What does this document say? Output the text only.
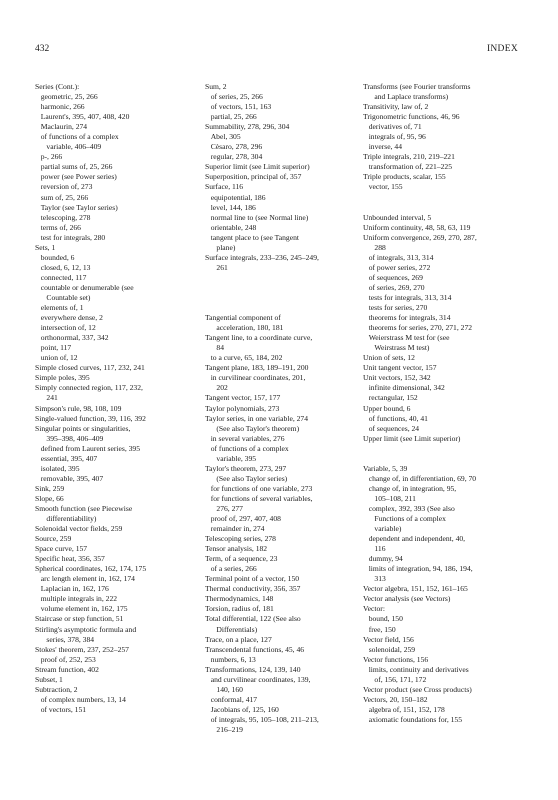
432	INDEX
Series (Cont.):
geometric, 25, 266
harmonic, 266
Laurent's, 395, 407, 408, 420
Maclaurin, 274
of functions of a complex
variable, 406–409
p-, 266
partial sums of, 25, 266
power (see Power series)
reversion of, 273
sum of, 25, 266
Taylor (see Taylor series)
telescoping, 278
terms of, 266
test for integrals, 280
Sets, 1
bounded, 6
closed, 6, 12, 13
connected, 117
countable or denumerable (see
Countable set)
elements of, 1
everywhere dense, 2
intersection of, 12
orthonormal, 337, 342
point, 117
union of, 12
Simple closed curves, 117, 232, 241
Simple poles, 395
Simply connected region, 117, 232,
241
Simpson's rule, 98, 108, 109
Single-valued function, 39, 116, 392
Singular points or singularities,
395–398, 406–409
defined from Laurent series, 395
essential, 395, 407
isolated, 395
removable, 395, 407
Sink, 259
Slope, 66
Smooth function (see Piecewise
differentiability)
Solenoidal vector fields, 259
Source, 259
Space curve, 157
Specific heat, 356, 357
Spherical coordinates, 162, 174, 175
arc length element in, 162, 174
Laplacian in, 162, 176
multiple integrals in, 222
volume element in, 162, 175
Staircase or step function, 51
Stirling's asymptotic formula and
series, 378, 384
Stokes' theorem, 237, 252–257
proof of, 252, 253
Stream function, 402
Subset, 1
Subtraction, 2
of complex numbers, 13, 14
of vectors, 151
Sum, 2
of series, 25, 266
of vectors, 151, 163
partial, 25, 266
Summability, 278, 296, 304
Abel, 305
Cèsaro, 278, 296
regular, 278, 304
Superior limit (see Limit superior)
Superposition, principal of, 357
Surface, 116
equipotential, 186
level, 144, 186
normal line to (see Normal line)
orientable, 248
tangent place to (see Tangent
plane)
Surface integrals, 233–236, 245–249,
261
Tangential component of
acceleration, 180, 181
Tangent line, to a coordinate curve,
84
to a curve, 65, 184, 202
Tangent plane, 183, 189–191, 200
in curvilinear coordinates, 201,
202
Tangent vector, 157, 177
Taylor polynomials, 273
Taylor series, in one variable, 274
(See also Taylor's theorem)
in several variables, 276
of functions of a complex
variable, 395
Taylor's theorem, 273, 297
(See also Taylor series)
for functions of one variable, 273
for functions of several variables,
276, 277
proof of, 297, 407, 408
remainder in, 274
Telescoping series, 278
Tensor analysis, 182
Term, of a sequence, 23
of a series, 266
Terminal point of a vector, 150
Thermal conductivity, 356, 357
Thermodynamics, 148
Torsion, radius of, 181
Total differential, 122 (See also
Differentials)
Trace, on a place, 127
Transcendental functions, 45, 46
numbers, 6, 13
Transformations, 124, 139, 140
and curvilinear coordinates, 139,
140, 160
conformal, 417
Jacobians of, 125, 160
of integrals, 95, 105–108, 211–213,
216–219
Transforms (see Fourier transforms
and Laplace transforms)
Transitivity, law of, 2
Trigonometric functions, 46, 96
derivatives of, 71
integrals of, 95, 96
inverse, 44
Triple integrals, 210, 219–221
transformation of, 221–225
Triple products, scalar, 155
vector, 155
Unbounded interval, 5
Uniform continuity, 48, 58, 63, 119
Uniform convergence, 269, 270, 287,
288
of integrals, 313, 314
of power series, 272
of sequences, 269
of series, 269, 270
tests for integrals, 313, 314
tests for series, 270
theorems for integrals, 314
theorems for series, 270, 271, 272
Weierstrass M test for (see
Weirstrass M test)
Union of sets, 12
Unit tangent vector, 157
Unit vectors, 152, 342
infinite dimensional, 342
rectangular, 152
Upper bound, 6
of functions, 40, 41
of sequences, 24
Upper limit (see Limit superior)
Variable, 5, 39
change of, in differentiation, 69, 70
change of, in integration, 95,
105–108, 211
complex, 392, 393 (See also
Functions of a complex
variable)
dependent and independent, 40,
116
dummy, 94
limits of integration, 94, 186, 194,
313
Vector algebra, 151, 152, 161–165
Vector analysis (see Vectors)
Vector:
bound, 150
free, 150
Vector field, 156
solenoidal, 259
Vector functions, 156
limits, continuity and derivatives
of, 156, 171, 172
Vector product (see Cross products)
Vectors, 20, 150–182
algebra of, 151, 152, 178
axiomatic foundations for, 155
